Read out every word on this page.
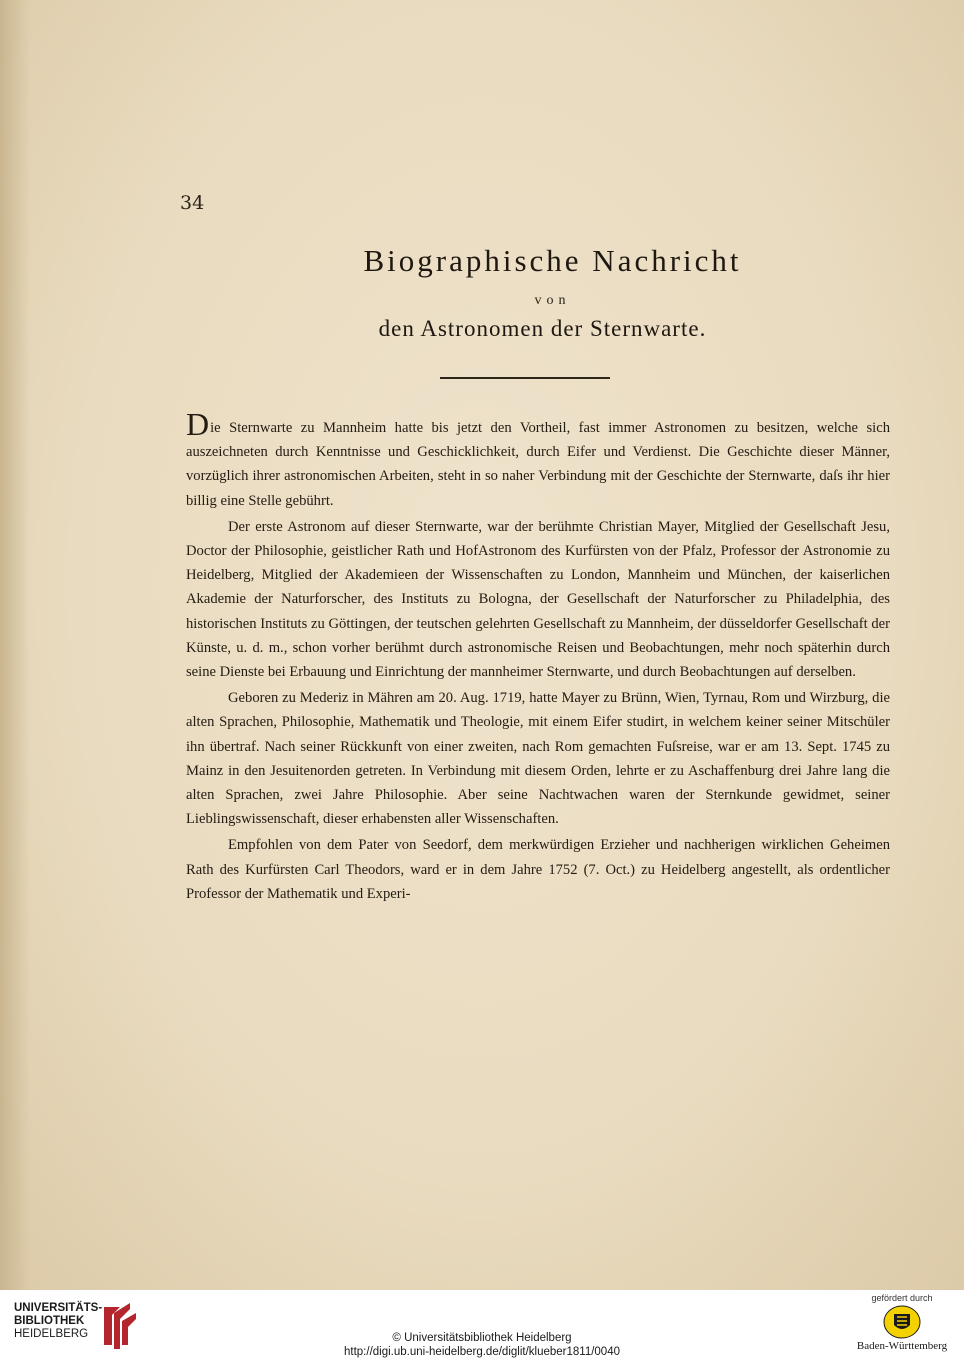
34
Biographische Nachricht
von
den Astronomen der Sternwarte.

Die Sternwarte zu Mannheim hatte bis jetzt den Vortheil, fast immer Astronomen zu besitzen, welche sich auszeichneten durch Kenntnisse und Geschicklichkeit, durch Eifer und Verdienst. Die Geschichte dieser Männer, vorzüglich ihrer astronomischen Arbeiten, steht in so naher Verbindung mit der Geschichte der Sternwarte, daſs ihr hier billig eine Stelle gebührt.

Der erste Astronom auf dieser Sternwarte, war der berühmte Christian Mayer, Mitglied der Gesellschaft Jesu, Doctor der Philosophie, geistlicher Rath und HofAstronom des Kurfürsten von der Pfalz, Professor der Astronomie zu Heidelberg, Mitglied der Akademieen der Wissenschaften zu London, Mannheim und München, der kaiserlichen Akademie der Naturforscher, des Instituts zu Bologna, der Gesellschaft der Naturforscher zu Philadelphia, des historischen Instituts zu Göttingen, der teutschen gelehrten Gesellschaft zu Mannheim, der düsseldorfer Gesellschaft der Künste, u. d. m., schon vorher berühmt durch astronomische Reisen und Beobachtungen, mehr noch späterhin durch seine Dienste bei Erbauung und Einrichtung der mannheimer Sternwarte, und durch Beobachtungen auf derselben.

Geboren zu Mederiz in Mähren am 20. Aug. 1719, hatte Mayer zu Brünn, Wien, Tyrnau, Rom und Wirzburg, die alten Sprachen, Philosophie, Mathematik und Theologie, mit einem Eifer studirt, in welchem keiner seiner Mitschüler ihn übertraf. Nach seiner Rückkunft von einer zweiten, nach Rom gemachten Fuſsreise, war er am 13. Sept. 1745 zu Mainz in den Jesuitenorden getreten. In Verbindung mit diesem Orden, lehrte er zu Aschaffenburg drei Jahre lang die alten Sprachen, zwei Jahre Philosophie. Aber seine Nachtwachen waren der Sternkunde gewidmet, seiner Lieblingswissenschaft, dieser erhabensten aller Wissenschaften.

Empfohlen von dem Pater von Seedorf, dem merkwürdigen Erzieher und nachherigen wirklichen Geheimen Rath des Kurfürsten Carl Theodors, ward er in dem Jahre 1752 (7. Oct.) zu Heidelberg angestellt, als ordentlicher Professor der Mathematik und Experi-

UNIVERSITÄTS-
BIBLIOTHEK
HEIDELBERG	© Universitätsbibliothek Heidelberg
http://digi.ub.uni-heidelberg.de/diglit/klueber1811/0040
gefördert durch
Baden-Württemberg
